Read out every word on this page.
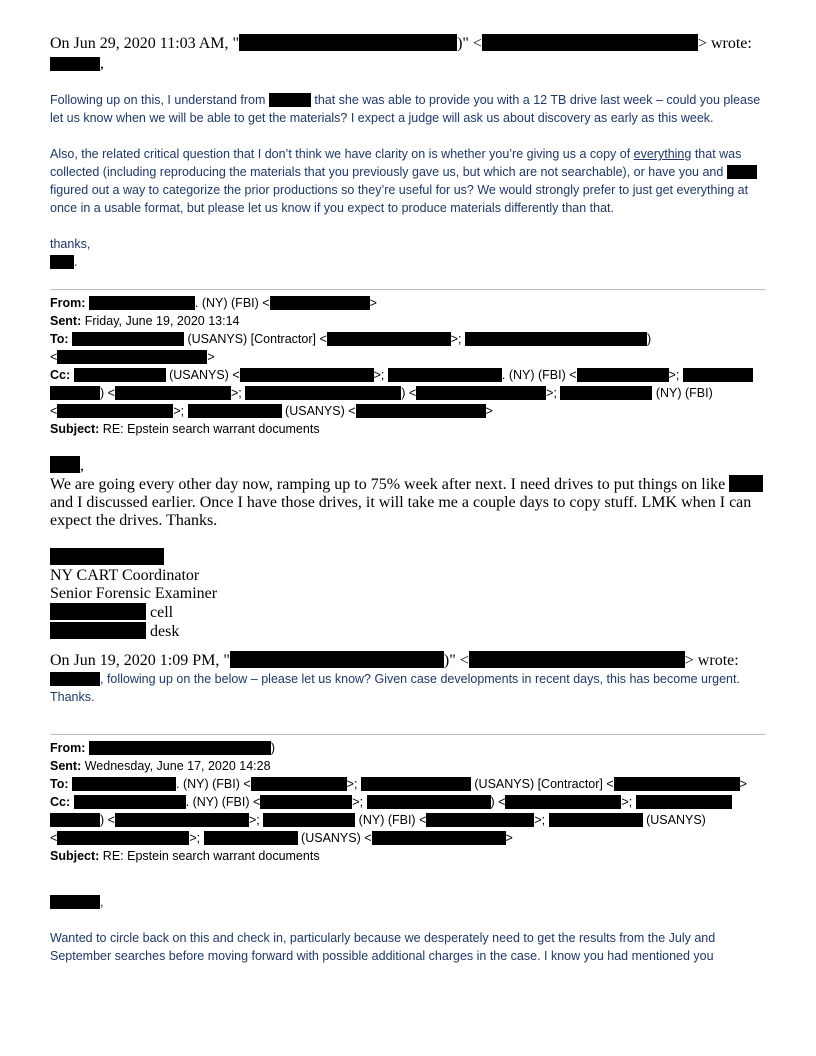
On Jun 29, 2020 11:03 AM, "	)" <	> wrote:

,

Following up on this, I understand from	that she was able to provide you with a 12 TB drive last week – could you please let us know when we will be able to get the materials? I expect a judge will ask us about discovery as early as this week.

Also, the related critical question that I don’t think we have clarity on is whether you’re giving us a copy of everything that was collected (including reproducing the materials that you previously gave us, but which are not searchable), or have you and  figured out a way to categorize the prior productions so they’re useful for us? We would strongly prefer to just get everything at once in a usable format, but please let us know if you expect to produce materials differently than that.

thanks,

.

From:	. (NY) (FBI) <	>
Sent: Friday, June 19, 2020 13:14
To:	(USANYS) [Contractor] <	>;	)
<	>
Cc:	(USANYS) <	>;	. (NY) (FBI) <	>;
) <	>;	) <	>;	(NY) (FBI)
<	>;	(USANYS) <	>
Subject: RE: Epstein search warrant documents

,

We are going every other day now, ramping up to 75% week after next. I need drives to put things on like  and I discussed earlier. Once I have those drives, it will take me a couple days to copy stuff. LMK when I can expect the drives. Thanks.

NY CART Coordinator

Senior Forensic Examiner

cell

desk

On Jun 19, 2020 1:09 PM, "	)" <	> wrote:

, following up on the below – please let us know? Given case developments in recent days, this has become urgent. Thanks.

From:	)
Sent: Wednesday, June 17, 2020 14:28
To:	. (NY) (FBI) <	>;	(USANYS) [Contractor] <	>
Cc:	. (NY) (FBI) <	>;	) <	>;
) <	>;	(NY) (FBI) <	>;	(USANYS)
<	>;	(USANYS) <	>
Subject: RE: Epstein search warrant documents

,

Wanted to circle back on this and check in, particularly because we desperately need to get the results from the July and September searches before moving forward with possible additional charges in the case. I know you had mentioned you
